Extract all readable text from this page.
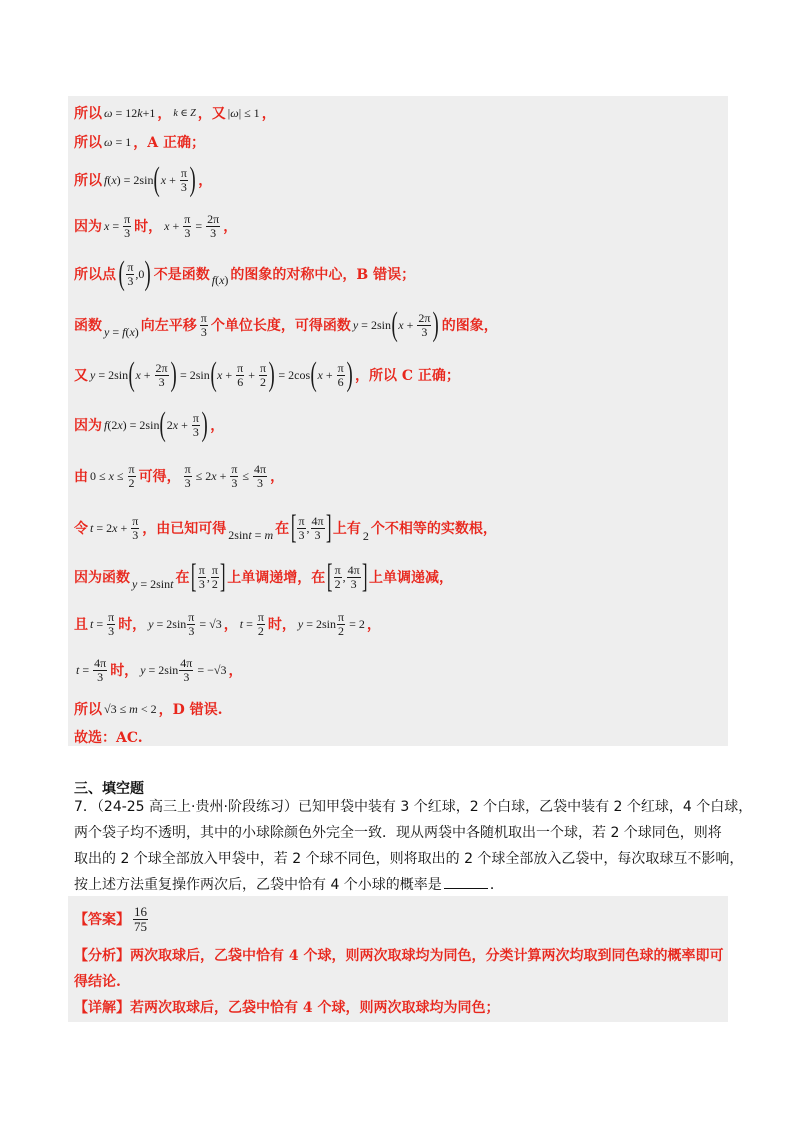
所以 ω = 12 k +1 ， k ∈ Z ，又 | ω | ≤ 1 ，
所以 ω = 1 ，A 正确；
所以 f ( x ) = 2sin ( x + π
3 ) ，
因为 x = π
3 时， x + π
3 = 2π
3 ，
所以点 ( π
3 ,0 ) 不是函数 f ( x ) 的图象的对称中心，B 错误；
函数 y = f ( x ) 向左平移
π
3 个单位长度，可得函数 y = 2sin ( x + 2π
3 ) 的图象，
又 y = 2sin ( x + 2π
3 ) = 2sin ( x + π
6 + π
2 ) = 2cos ( x + π
6 ) ，所以 C 正确；
因为 f (2 x ) = 2sin ( 2 x + π
3 ) ，
由 0 ≤ x ≤ π
2 可得，
π
3 ≤ 2 x + π
3 ≤ 4π
3 ，
令 t = 2 x + π
3 ，由已知可得 2sin t = m 在 [ π
3 , 4π
3 ] 上有 2 个不相等的实数根，
因为函数 y = 2sin t 在 [ π
3 , π
2 ] 上单调递增，在 [ π
2 , 4π
3 ] 上单调递减，
且 t = π
3 时， y = 2sin π
3 = √3 ， t = π
2 时， y = 2sin π
2 = 2 ，
t = 4π
3 时， y = 2sin 4π
3 = −√3 ，
所以 √3 ≤ m < 2 ，D 错误.
故选：AC.
三、填空题
7．（24-25 高三上·贵州·阶段练习）已知甲袋中装有 3 个红球，2 个白球，乙袋中装有 2 个红球，4 个白球，
两个袋子均不透明，其中的小球除颜色外完全一致．现从两袋中各随机取出一个球，若 2 个球同色，则将
取出的 2 个球全部放入甲袋中，若 2 个球不同色，则将取出的 2 个球全部放入乙袋中，每次取球互不影响，
按上述方法重复操作两次后，乙袋中恰有 4 个小球的概率是	．
【答案】
16
75
【分析】 两次取球后，乙袋中恰有 4 个球，则两次取球均为同色，分类计算两次均取到同色球的概率即可
得结论.
【详解】 若两次取球后，乙袋中恰有 4 个球，则两次取球均为同色；
